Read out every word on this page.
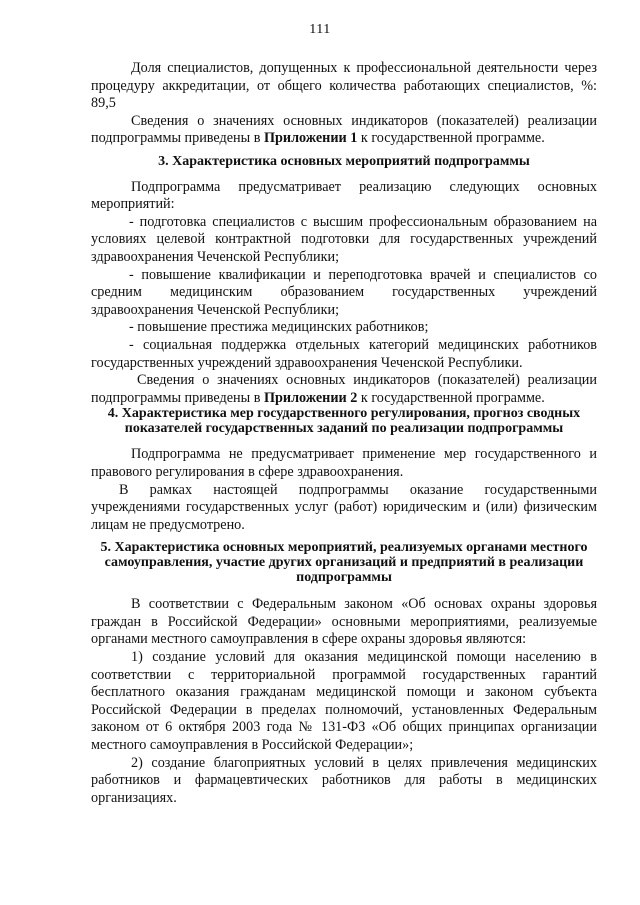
111

Доля специалистов, допущенных к профессиональной деятельности через процедуру аккредитации, от общего количества работающих специалистов, %: 89,5

Сведения о значениях основных индикаторов (показателей) реализации подпрограммы приведены в Приложении 1 к государственной программе.

3. Характеристика основных мероприятий подпрограммы

Подпрограмма предусматривает реализацию следующих основных мероприятий:

- подготовка специалистов с высшим профессиональным образованием на условиях целевой контрактной подготовки для государственных учреждений здравоохранения Чеченской Республики;

- повышение квалификации и переподготовка врачей и специалистов со средним медицинским образованием государственных учреждений здравоохранения Чеченской Республики;

- повышение престижа медицинских работников;

- социальная поддержка отдельных категорий медицинских работников государственных учреждений здравоохранения Чеченской Республики.

Сведения о значениях основных индикаторов (показателей) реализации подпрограммы приведены в Приложении 2 к государственной программе.

4. Характеристика мер государственного регулирования, прогноз сводных показателей государственных заданий по реализации подпрограммы

Подпрограмма не предусматривает применение мер государственного и правового регулирования в сфере здравоохранения.

В рамках настоящей подпрограммы оказание государственными учреждениями государственных услуг (работ) юридическим и (или) физическим лицам не предусмотрено.

5. Характеристика основных мероприятий, реализуемых органами местного самоуправления, участие других организаций и предприятий в реализации подпрограммы

В соответствии с Федеральным законом «Об основах охраны здоровья граждан в Российской Федерации» основными мероприятиями, реализуемые органами местного самоуправления в сфере охраны здоровья являются:

1) создание условий для оказания медицинской помощи населению в соответствии с территориальной программой государственных гарантий бесплатного оказания гражданам медицинской помощи и законом субъекта Российской Федерации в пределах полномочий, установленных Федеральным законом от 6 октября 2003 года № 131-ФЗ «Об общих принципах организации местного самоуправления в Российской Федерации»;

2) создание благоприятных условий в целях привлечения медицинских работников и фармацевтических работников для работы в медицинских организациях.
